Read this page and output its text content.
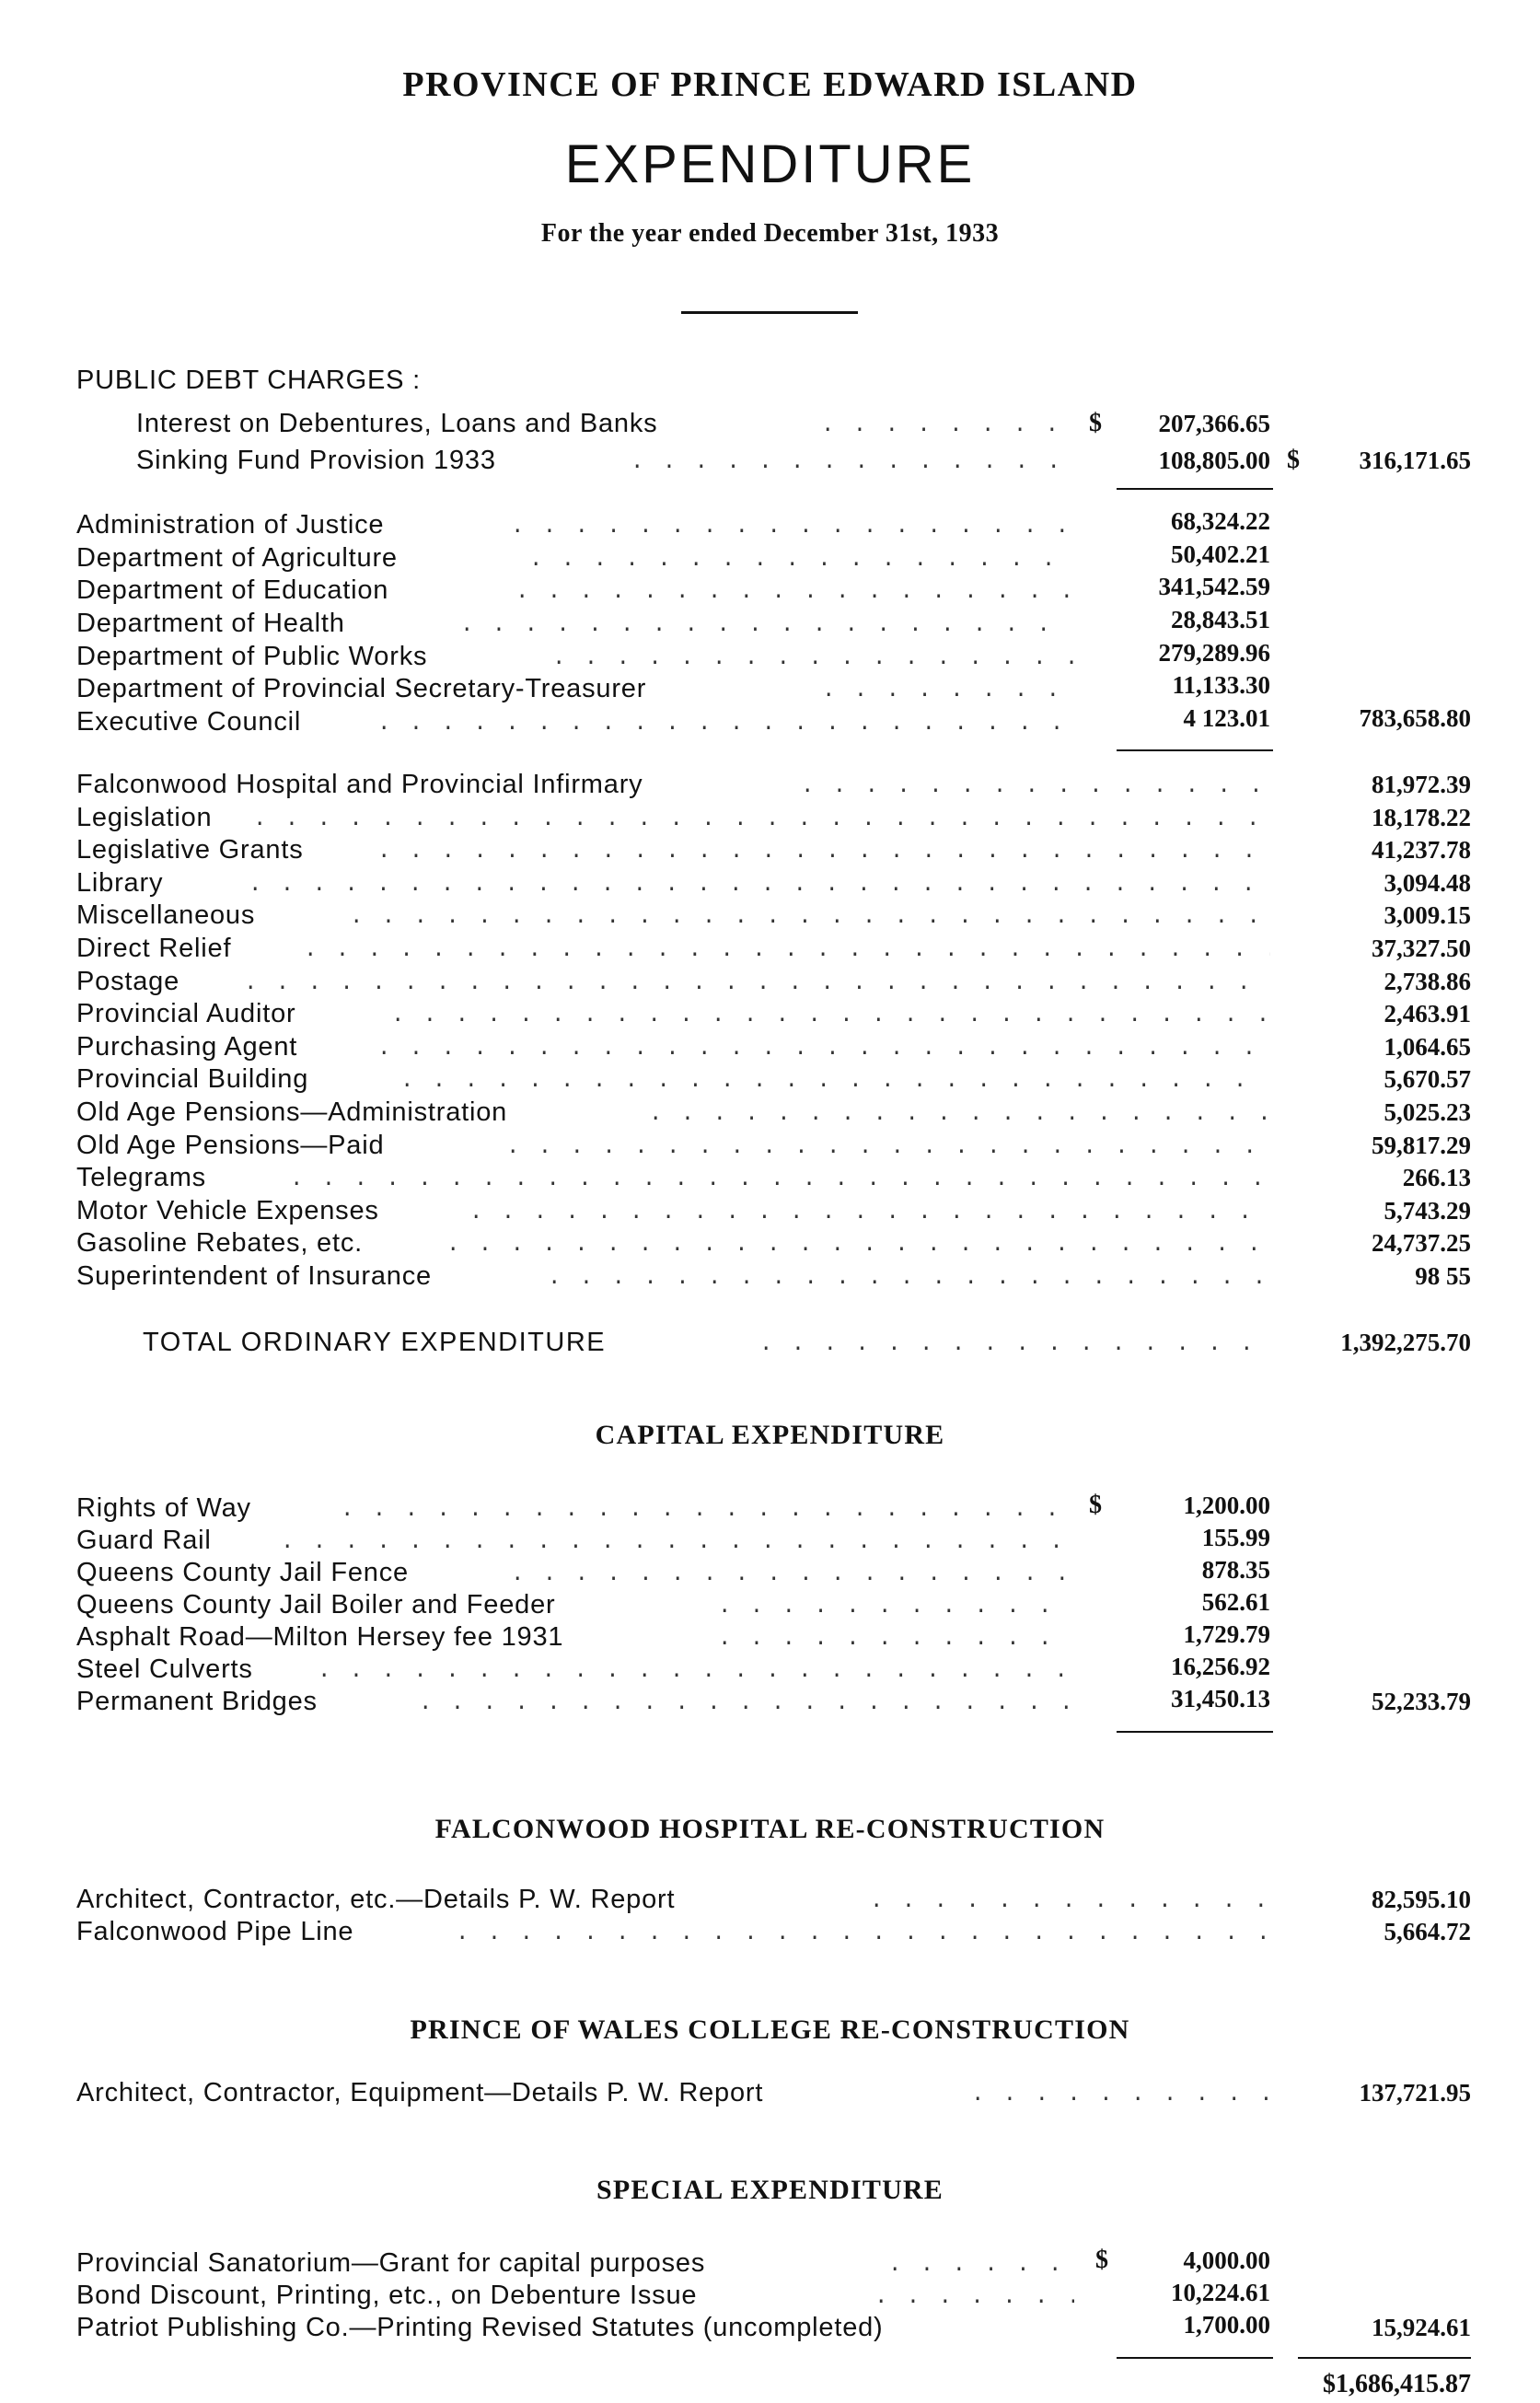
PROVINCE OF PRINCE EDWARD ISLAND
EXPENDITURE
For the year ended December 31st, 1933
PUBLIC DEBT CHARGES :
Interest on Debentures, Loans and Banks . . .	$	207,366.65
Sinking Fund Provision 1933 . . .	108,805.00 $	316,171.65
Administration of Justice . . .	68,324.22
Department of Agriculture . . .	50,402.21
Department of Education . . .	341,542.59
Department of Health . . .	28,843.51
Department of Public Works . . .	279,289.96
Department of Provincial Secretary-Treasurer . . .	11,133.30
Executive Council . . .	4 123.01	783,658.80
Falconwood Hospital and Provincial Infirmary . . .	81,972.39
Legislation . . .	18,178.22
Legislative Grants . . .	41,237.78
Library . . .	3,094.48
Miscellaneous . . .	3,009.15
Direct Relief . . .	37,327.50
Postage . . .	2,738.86
Provincial Auditor . . .	2,463.91
Purchasing Agent . . .	1,064.65
Provincial Building . . .	5,670.57
Old Age Pensions—Administration . . .	5,025.23
Old Age Pensions—Paid . . .	59,817.29
Telegrams . . .	266.13
Motor Vehicle Expenses . . .	5,743.29
Gasoline Rebates, etc. . . .	24,737.25
Superintendent of Insurance . . .	98 55
TOTAL ORDINARY EXPENDITURE . . .	1,392,275.70
CAPITAL EXPENDITURE
Rights of Way . . .	$	1,200.00
Guard Rail . . .	155.99
Queens County Jail Fence . . .	878.35
Queens County Jail Boiler and Feeder . . .	562.61
Asphalt Road—Milton Hersey fee 1931 . . .	1,729.79
Steel Culverts . . .	16,256.92
Permanent Bridges . . .	31,450.13	52,233.79
FALCONWOOD HOSPITAL RE-CONSTRUCTION
Architect, Contractor, etc.—Details P. W. Report . . .	82,595.10
Falconwood Pipe Line . . .	5,664.72
PRINCE OF WALES COLLEGE RE-CONSTRUCTION
Architect, Contractor, Equipment—Details P. W. Report . . .	137,721.95
SPECIAL EXPENDITURE
Provincial Sanatorium—Grant for capital purposes . . .	$	4,000.00
Bond Discount, Printing, etc., on Debenture Issue . . .	10,224.61
Patriot Publishing Co.—Printing Revised Statutes (uncompleted)	1,700.00	15,924.61
$1,686,415.87
